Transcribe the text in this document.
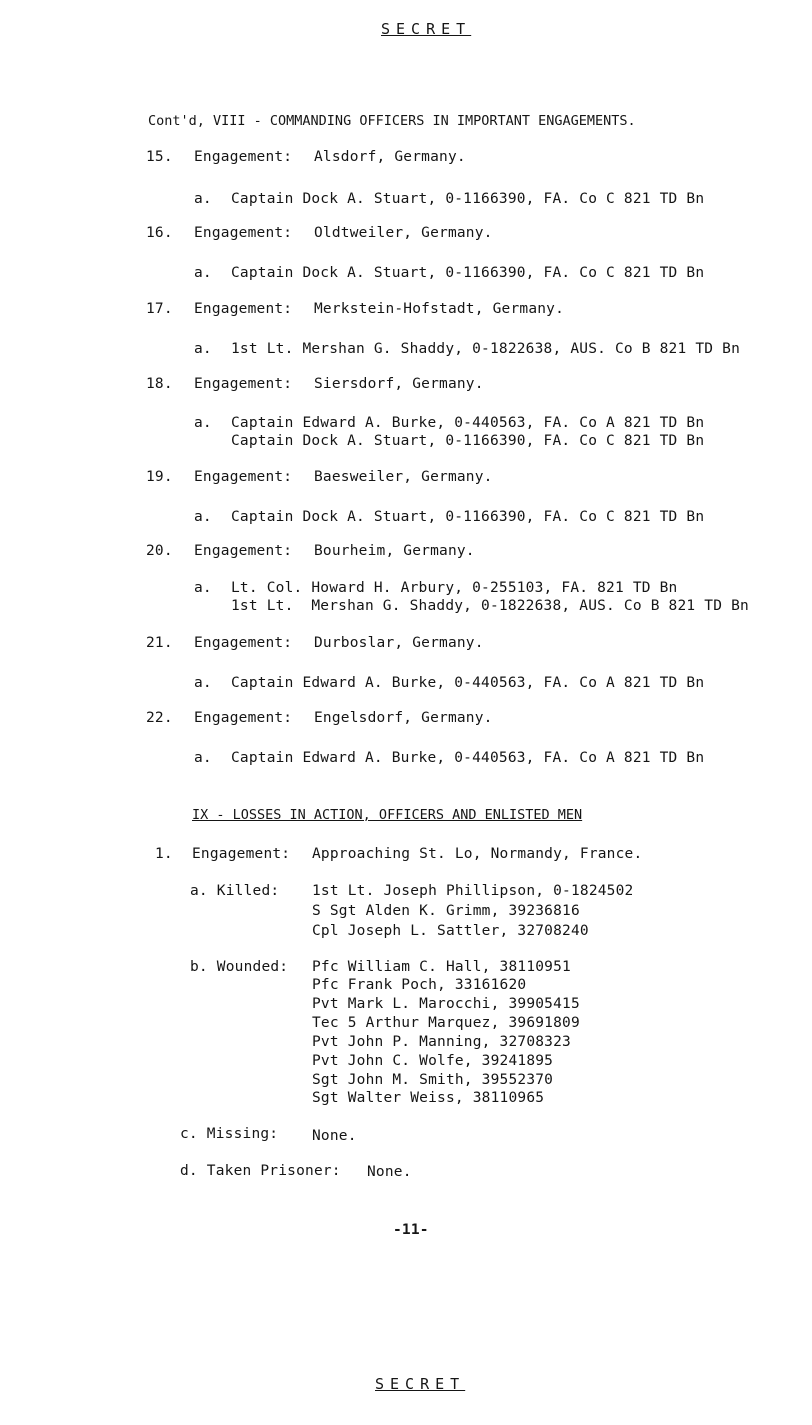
SECRET
Cont'd, VIII - COMMANDING OFFICERS IN IMPORTANT ENGAGEMENTS.
15. Engagement: Alsdorf, Germany.
a. Captain Dock A. Stuart, 0-1166390, FA. Co C 821 TD Bn
16. Engagement: Oldtweiler, Germany.
a. Captain Dock A. Stuart, 0-1166390, FA. Co C 821 TD Bn
17. Engagement: Merkstein-Hofstadt, Germany.
a. 1st Lt. Mershan G. Shaddy, 0-1822638, AUS. Co B 821 TD Bn
18. Engagement: Siersdorf, Germany.
a. Captain Edward A. Burke, 0-440563, FA. Co A 821 TD Bn
Captain Dock A. Stuart, 0-1166390, FA. Co C 821 TD Bn
19. Engagement: Baesweiler, Germany.
a. Captain Dock A. Stuart, 0-1166390, FA. Co C 821 TD Bn
20. Engagement: Bourheim, Germany.
a. Lt. Col. Howard H. Arbury, 0-255103, FA. 821 TD Bn
1st Lt.  Mershan G. Shaddy, 0-1822638, AUS. Co B 821 TD Bn
21. Engagement: Durboslar, Germany.
a. Captain Edward A. Burke, 0-440563, FA. Co A 821 TD Bn
22. Engagement: Engelsdorf, Germany.
a. Captain Edward A. Burke, 0-440563, FA. Co A 821 TD Bn
IX - LOSSES IN ACTION, OFFICERS AND ENLISTED MEN
1. Engagement: Approaching St. Lo, Normandy, France.
a. Killed: 1st Lt. Joseph Phillipson, 0-1824502
S Sgt Alden K. Grimm, 39236816
Cpl Joseph L. Sattler, 32708240
b. Wounded: Pfc William C. Hall, 38110951
Pfc Frank Poch, 33161620
Pvt Mark L. Marocchi, 39905415
Tec 5 Arthur Marquez, 39691809
Pvt John P. Manning, 32708323
Pvt John C. Wolfe, 39241895
Sgt John M. Smith, 39552370
Sgt Walter Weiss, 38110965
c. Missing: None.
d. Taken Prisoner: None.
-11-
SECRET
